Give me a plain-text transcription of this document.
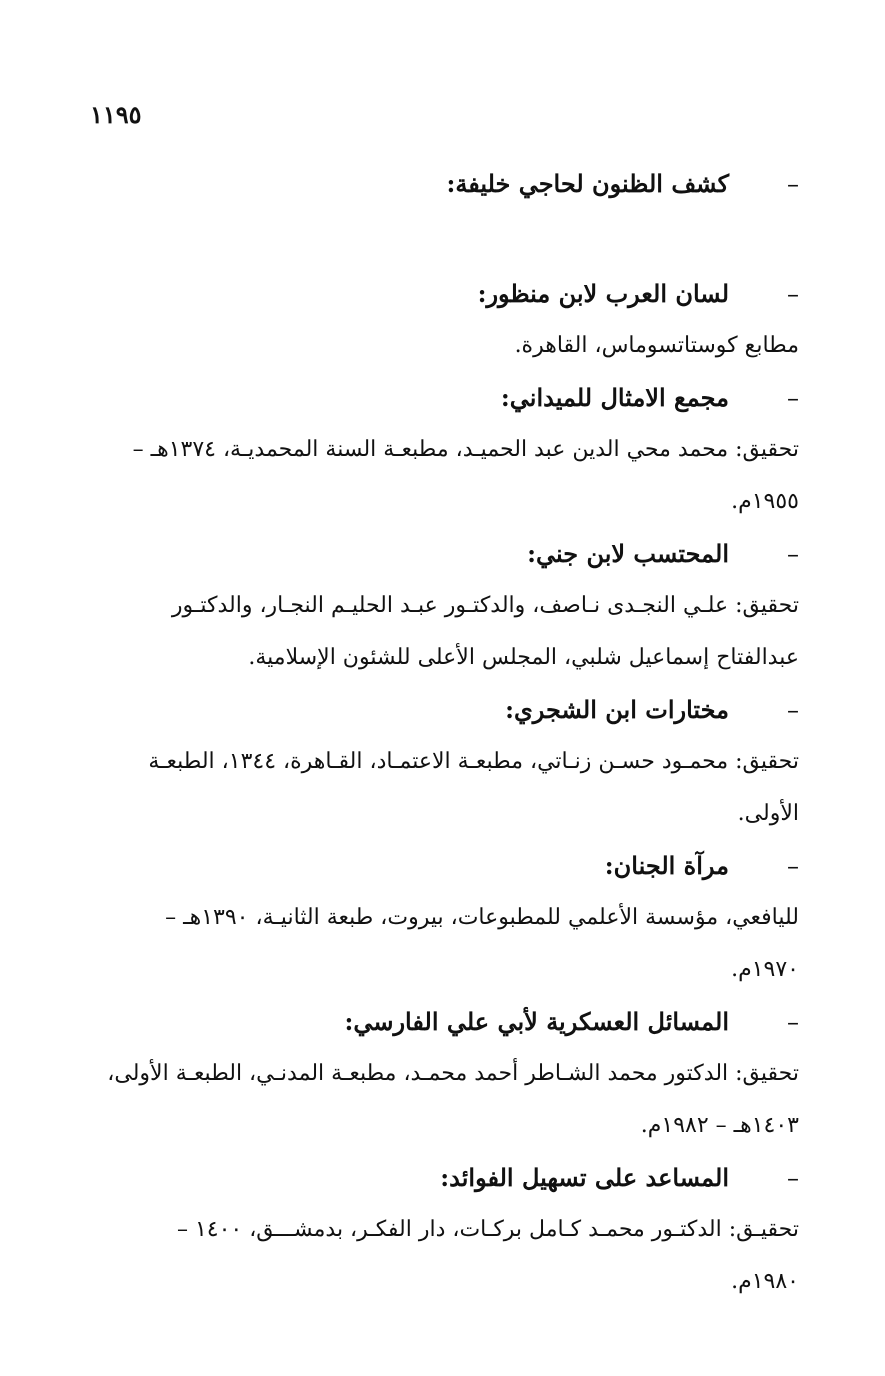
١١٩٥
–
كشف الظنون لحاجي خليفة:
–
لسان العرب لابن منظور:
مطابع كوستاتسوماس، القاهرة.
–
مجمع الامثال للميداني:
تحقيق: محمد محي الدين عبد الحميـد، مطبعـة السنة المحمديـة، ١٣٧٤هـ –
١٩٥٥م.
–
المحتسب لابن جني:
تحقيق: علـي النجـدى نـاصف، والدكتـور عبـد الحليـم النجـار، والدكتـور
عبدالفتاح إسماعيل شلبي، المجلس الأعلى للشئون الإسلامية.
–
مختارات ابن الشجري:
تحقيق: محمـود حسـن زنـاتي، مطبعـة الاعتمـاد، القـاهرة، ١٣٤٤، الطبعـة
الأولى.
–
مرآة الجنان:
لليافعي، مؤسسة الأعلمي للمطبوعات، بيروت، طبعة الثانيـة، ١٣٩٠هـ –
١٩٧٠م.
–
المسائل العسكرية لأبي علي الفارسي:
تحقيق: الدكتور محمد الشـاطر أحمد محمـد، مطبعـة المدنـي، الطبعـة الأولى،
١٤٠٣هـ – ١٩٨٢م.
–
المساعد على تسهيل الفوائد:
تحقيـق: الدكتـور محمـد كـامل بركـات، دار الفكـر، بدمشـــق، ١٤٠٠ –
١٩٨٠م.
